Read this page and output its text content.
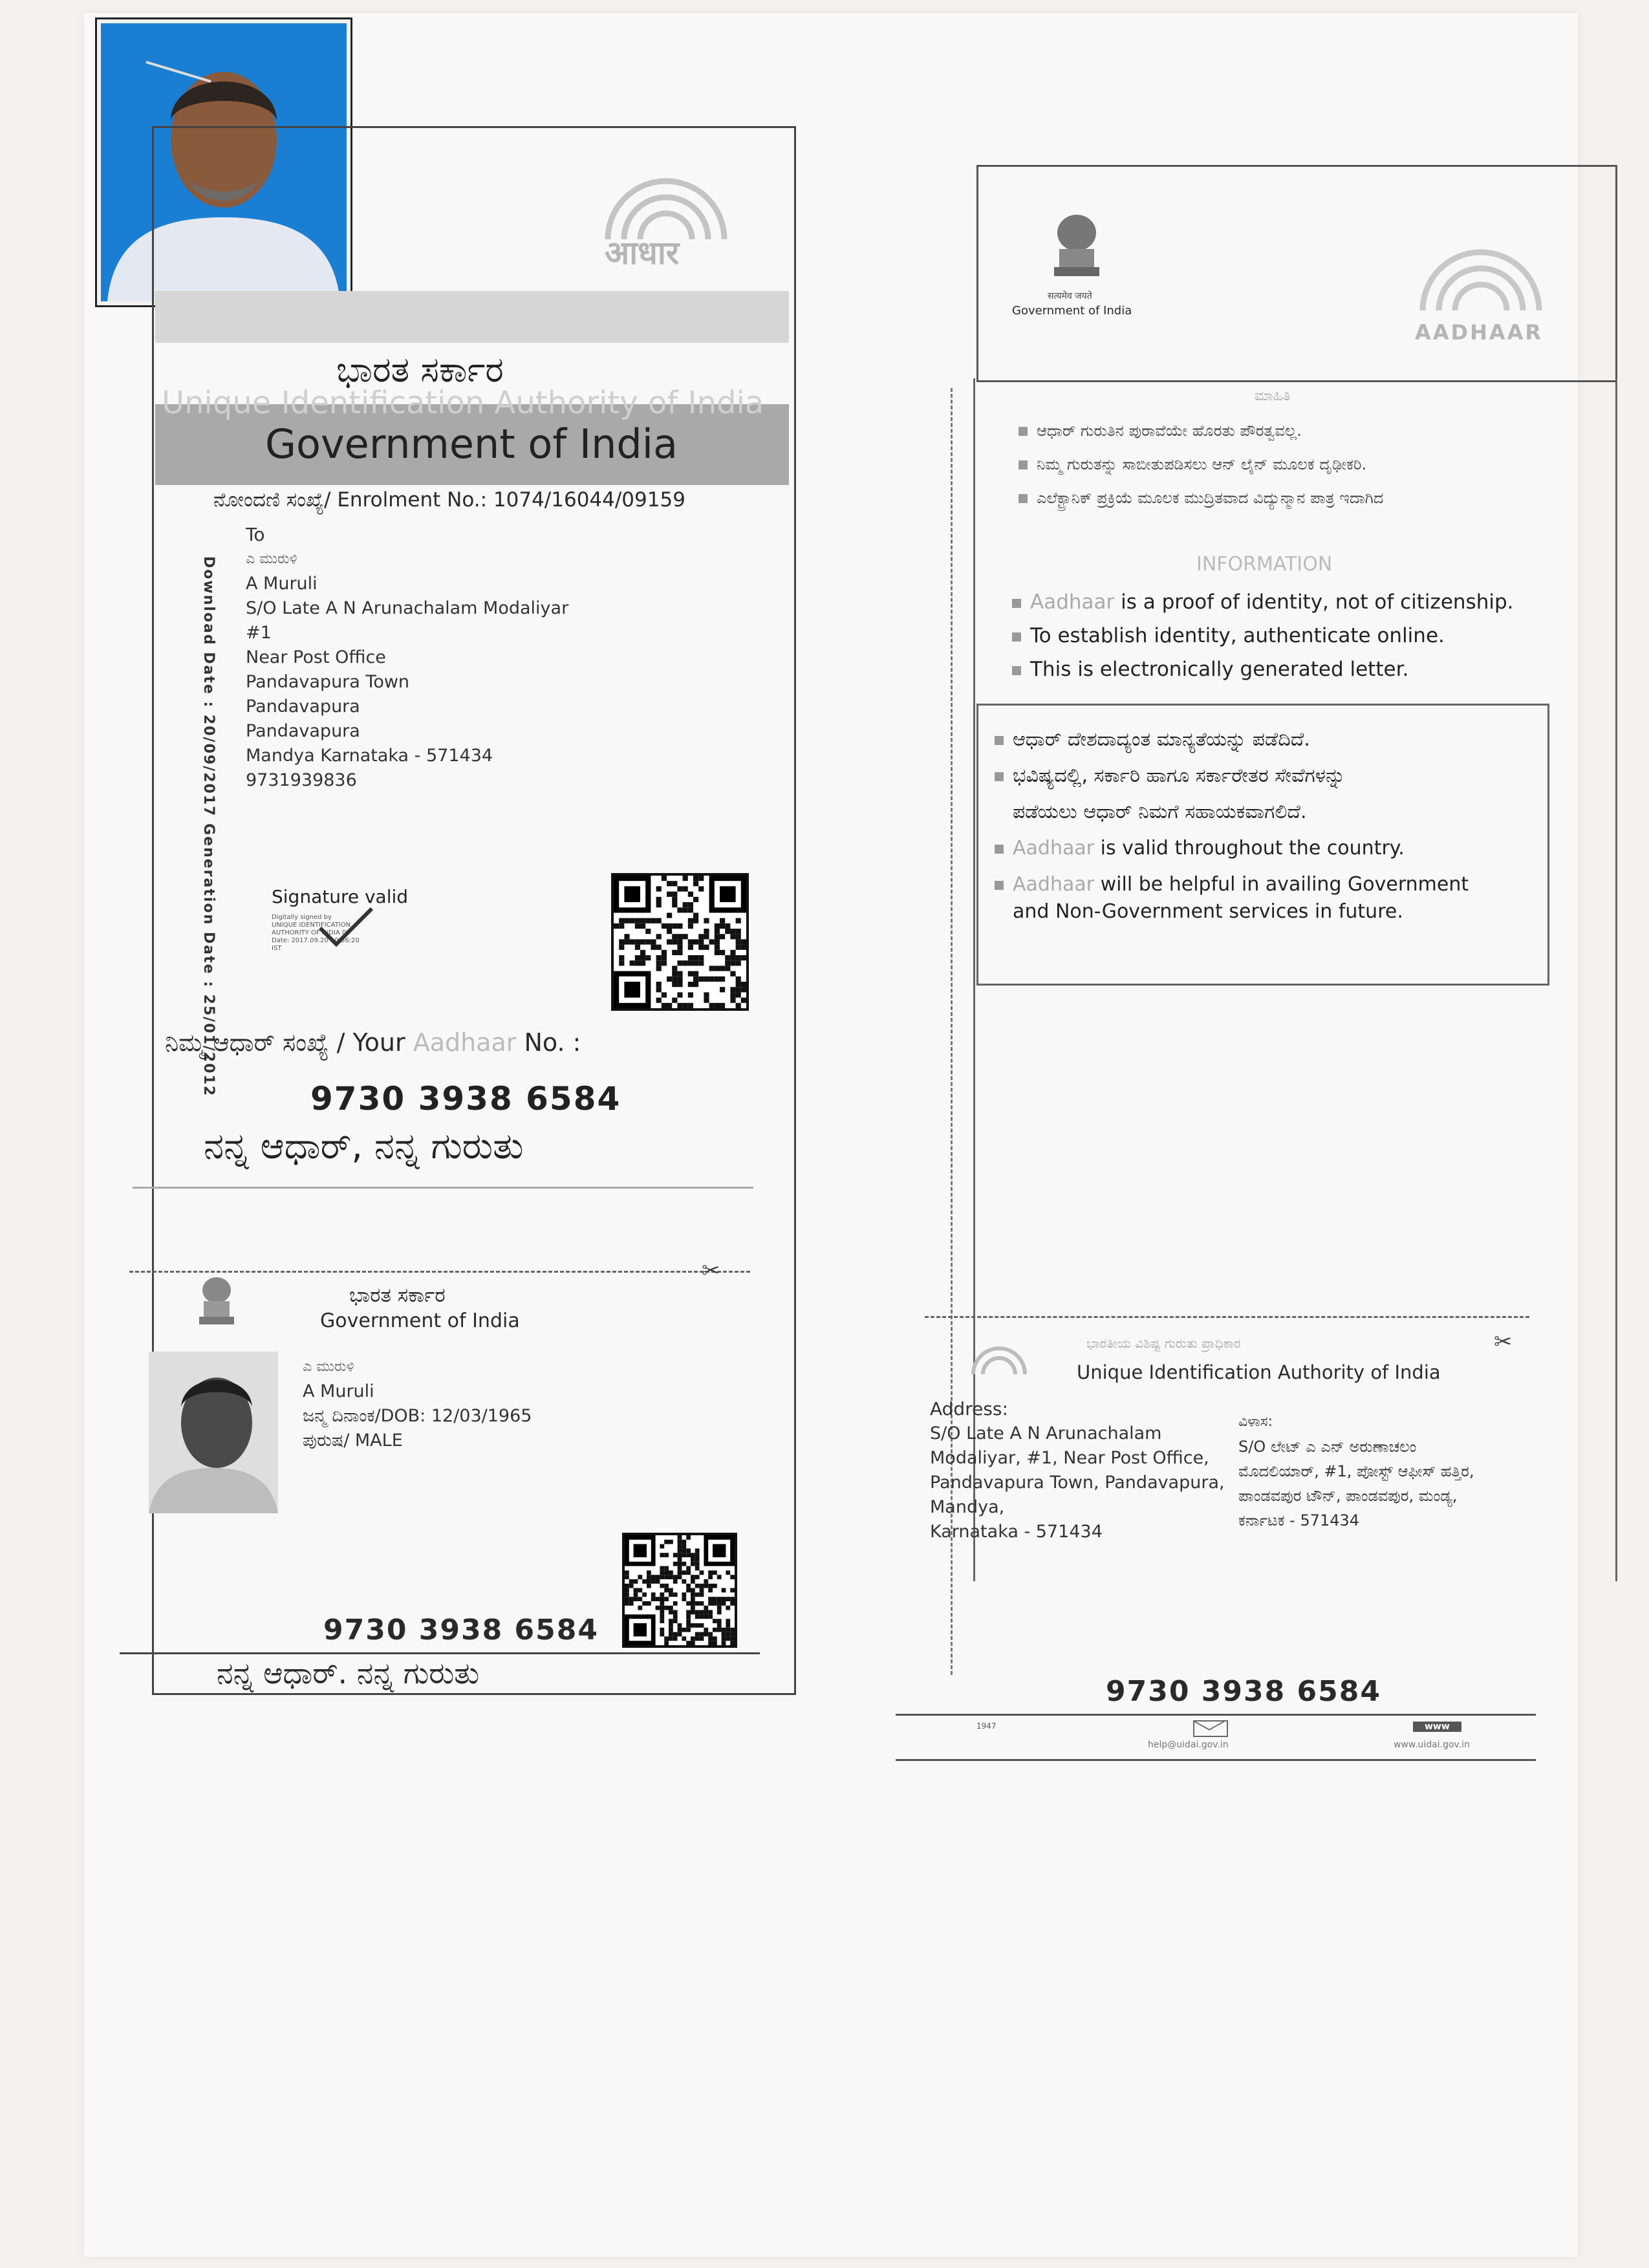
आधार
ಭಾರತ ಸರ್ಕಾರ
Unique Identification Authority of India
Government of India
ನೋಂದಣಿ ಸಂಖ್ಯೆ/ Enrolment No.: 1074/16044/09159
Download Date : 20/09/2017 Generation Date : 25/01/2012
To
ಎ ಮುರುಳಿ
A Muruli
S/O Late A N Arunachalam Modaliyar
#1
Near Post Office
Pandavapura Town
Pandavapura
Pandavapura
Mandya Karnataka - 571434
9731939836
Signature valid
Digitally signed by
UNIQUE IDENTIFICATION
AUTHORITY OF INDIA 03
Date: 2017.09.20 10:36:20
IST
ನಿಮ್ಮ ಆಧಾರ್ ಸಂಖ್ಯೆ / Your Aadhaar No. :
9730 3938 6584
ನನ್ನ ಆಧಾರ್, ನನ್ನ ಗುರುತು
✂
ಭಾರತ ಸರ್ಕಾರ
Government of India
ಎ ಮುರುಳಿ
A Muruli
ಜನ್ಮ ದಿನಾಂಕ/DOB: 12/03/1965
ಪುರುಷ/ MALE
9730 3938 6584
ನನ್ನ ಆಧಾರ್. ನನ್ನ ಗುರುತು
सत्यमेव जयते
Government of India
AADHAAR
ಮಾಹಿತಿ
ಆಧಾರ್ ಗುರುತಿನ ಪುರಾವೆಯೇ ಹೊರತು ಪೌರತ್ವವಲ್ಲ.
ನಿಮ್ಮ ಗುರುತನ್ನು ಸಾಬೀತುಪಡಿಸಲು ಆನ್ ಲೈನ್ ಮೂಲಕ ದೃಢೀಕರಿ.
ಎಲೆಕ್ಟ್ರಾನಿಕ್ ಪ್ರಕ್ರಿಯೆ ಮೂಲಕ ಮುದ್ರಿತವಾದ ವಿದ್ಯುನ್ಮಾನ ಪಾತ್ರ ಇದಾಗಿದ
INFORMATION
Aadhaar is a proof of identity, not of citizenship.
To establish identity, authenticate online.
This is electronically generated letter.
ಆಧಾರ್ ದೇಶದಾದ್ಯಂತ ಮಾನ್ಯತೆಯನ್ನು ಪಡೆದಿದೆ.
ಭವಿಷ್ಯದಲ್ಲಿ, ಸರ್ಕಾರಿ ಹಾಗೂ ಸರ್ಕಾರೇತರ ಸೇವೆಗಳನ್ನು
ಪಡೆಯಲು ಆಧಾರ್ ನಿಮಗೆ ಸಹಾಯಕವಾಗಲಿದೆ.
Aadhaar is valid throughout the country.
Aadhaar will be helpful in availing Government
and Non-Government services in future.
✂
ಭಾರತೀಯ ವಿಶಿಷ್ಟ ಗುರುತು ಪ್ರಾಧಿಕಾರ
Unique Identification Authority of India
Address:
S/O Late A N Arunachalam
Modaliyar, #1, Near Post Office,
Pandavapura Town, Pandavapura,
Mandya,
Karnataka - 571434
ವಿಳಾಸ:
S/O ಲೇಟ್ ಎ ಎನ್ ಅರುಣಾಚಲಂ
ಮೊದಲಿಯಾರ್, #1, ಪೋಸ್ಟ್ ಆಫೀಸ್ ಹತ್ತಿರ,
ಪಾಂಡವಪುರ ಟೌನ್, ಪಾಂಡವಪುರ, ಮಂಡ್ಯ,
ಕರ್ನಾಟಕ - 571434
9730 3938 6584
1947
help@uidai.gov.in
www
www.uidai.gov.in
